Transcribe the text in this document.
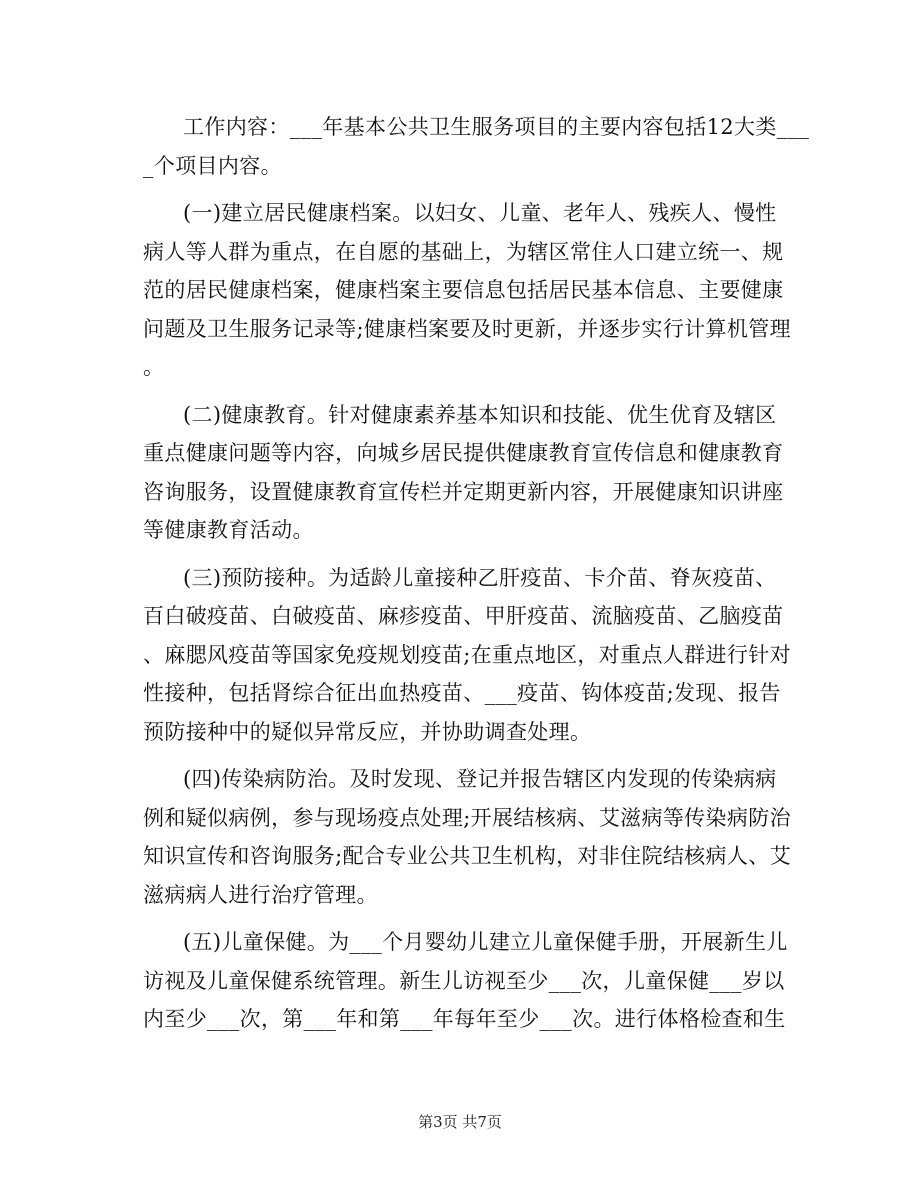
工作内容：___年基本公共卫生服务项目的主要内容包括12大类___
_个项目内容。
(一)建立居民健康档案。以妇女、儿童、老年人、残疾人、慢性
病人等人群为重点，在自愿的基础上，为辖区常住人口建立统一、规
范的居民健康档案，健康档案主要信息包括居民基本信息、主要健康
问题及卫生服务记录等;健康档案要及时更新，并逐步实行计算机管理
。
(二)健康教育。针对健康素养基本知识和技能、优生优育及辖区
重点健康问题等内容，向城乡居民提供健康教育宣传信息和健康教育
咨询服务，设置健康教育宣传栏并定期更新内容，开展健康知识讲座
等健康教育活动。
(三)预防接种。为适龄儿童接种乙肝疫苗、卡介苗、脊灰疫苗、
百白破疫苗、白破疫苗、麻疹疫苗、甲肝疫苗、流脑疫苗、乙脑疫苗
、麻腮风疫苗等国家免疫规划疫苗;在重点地区，对重点人群进行针对
性接种，包括肾综合征出血热疫苗、___疫苗、钩体疫苗;发现、报告
预防接种中的疑似异常反应，并协助调查处理。
(四)传染病防治。及时发现、登记并报告辖区内发现的传染病病
例和疑似病例，参与现场疫点处理;开展结核病、艾滋病等传染病防治
知识宣传和咨询服务;配合专业公共卫生机构，对非住院结核病人、艾
滋病病人进行治疗管理。
(五)儿童保健。为___个月婴幼儿建立儿童保健手册，开展新生儿
访视及儿童保健系统管理。新生儿访视至少___次，儿童保健___岁以
内至少___次，第___年和第___年每年至少___次。进行体格检查和生
第3页 共7页
